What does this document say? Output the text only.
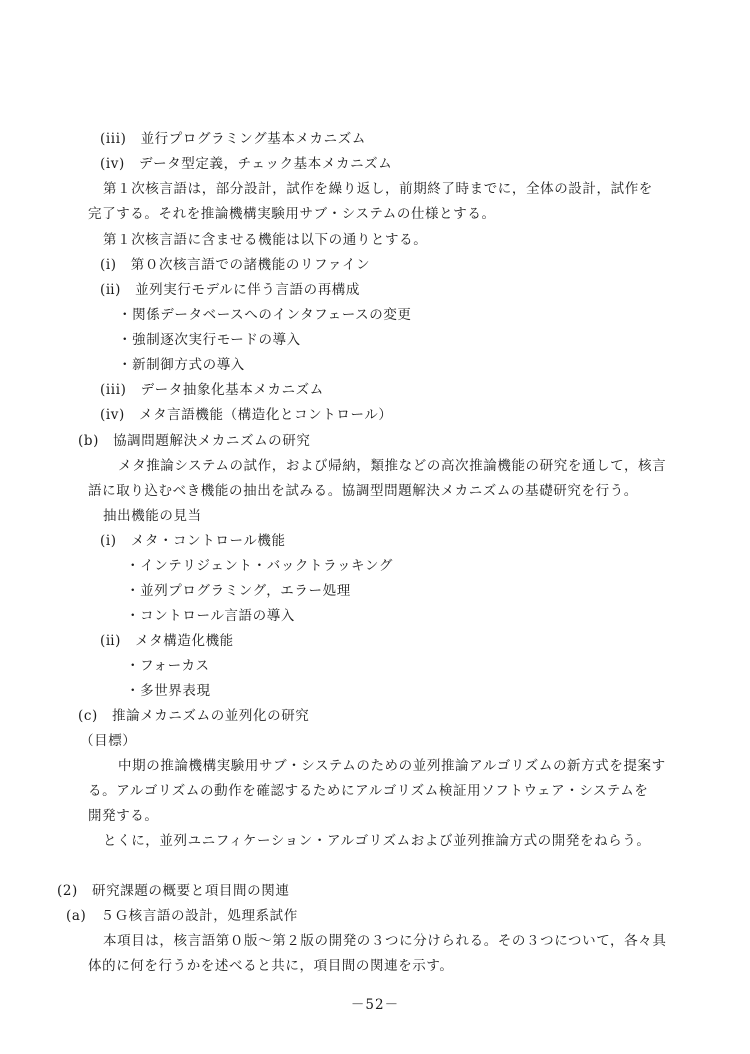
(iii)　並行プログラミング基本メカニズム
(iv)　データ型定義，チェック基本メカニズム
第１次核言語は，部分設計，試作を繰り返し，前期終了時までに，全体の設計，試作を
完了する。それを推論機構実験用サブ・システムの仕様とする。
第１次核言語に含ませる機能は以下の通りとする。
(ⅰ)　第０次核言語での諸機能のリファイン
(ⅱ)　並列実行モデルに伴う言語の再構成
・関係データベースへのインタフェースの変更
・強制逐次実行モードの導入
・新制御方式の導入
(iii)　データ抽象化基本メカニズム
(iv)　メタ言語機能（構造化とコントロール）
(b)　協調問題解決メカニズムの研究
メタ推論システムの試作，および帰納，類推などの高次推論機能の研究を通して，核言
語に取り込むべき機能の抽出を試みる。協調型問題解決メカニズムの基礎研究を行う。
抽出機能の見当
(ⅰ)　メタ・コントロール機能
・インテリジェント・バックトラッキング
・並列プログラミング，エラー処理
・コントロール言語の導入
(ⅱ)　メタ構造化機能
・フォーカス
・多世界表現
(c)　推論メカニズムの並列化の研究
（目標）
中期の推論機構実験用サブ・システムのための並列推論アルゴリズムの新方式を提案す
る。アルゴリズムの動作を確認するためにアルゴリズム検証用ソフトウェア・システムを
開発する。
とくに，並列ユニフィケーション・アルゴリズムおよび並列推論方式の開発をねらう。
(2)　研究課題の概要と項目間の関連
(a)　５Ｇ核言語の設計，処理系試作
本項目は，核言語第０版～第２版の開発の３つに分けられる。その３つについて，各々具
体的に何を行うかを述べると共に，項目間の関連を示す。
－52－
